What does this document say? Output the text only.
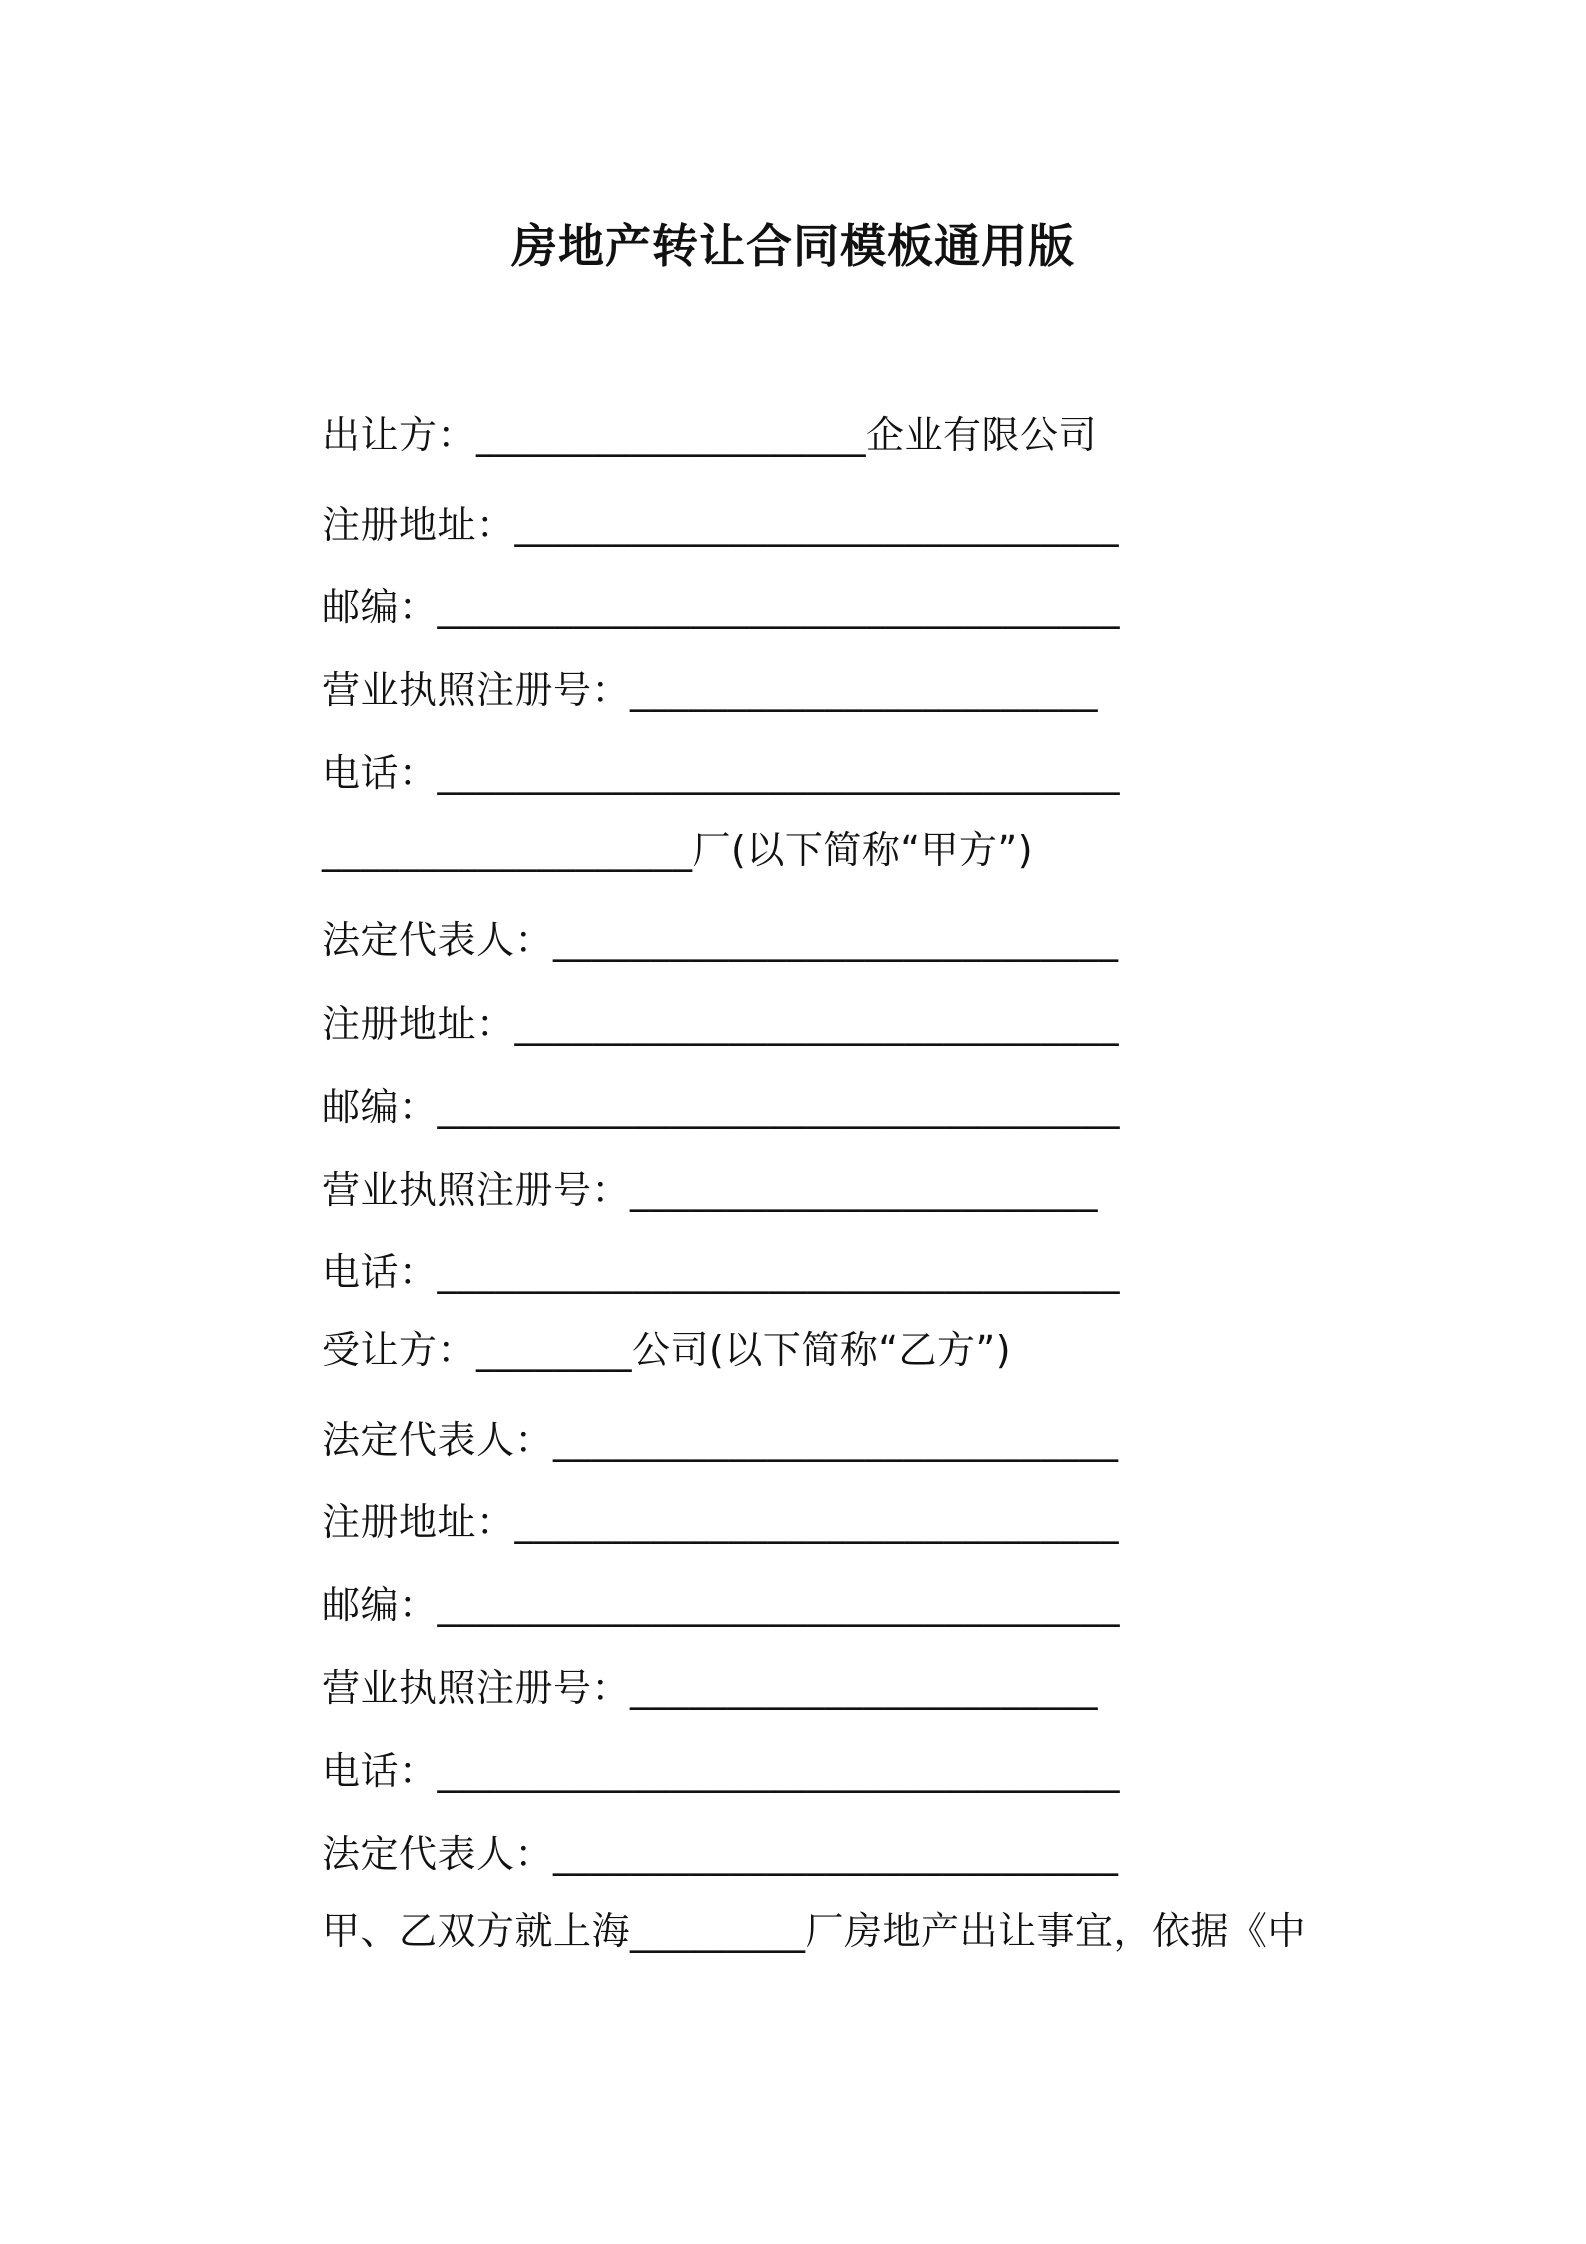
房地产转让合同模板通用版
出让方：____________________企业有限公司
注册地址：_______________________________
邮编：___________________________________
营业执照注册号：________________________
电话：___________________________________
___________________厂(以下简称“甲方”)
法定代表人：_____________________________
注册地址：_______________________________
邮编：___________________________________
营业执照注册号：________________________
电话：___________________________________
受让方：________公司(以下简称“乙方”)
法定代表人：_____________________________
注册地址：_______________________________
邮编：___________________________________
营业执照注册号：________________________
电话：___________________________________
法定代表人：_____________________________
甲、乙双方就上海_________厂房地产出让事宜，依据《中
